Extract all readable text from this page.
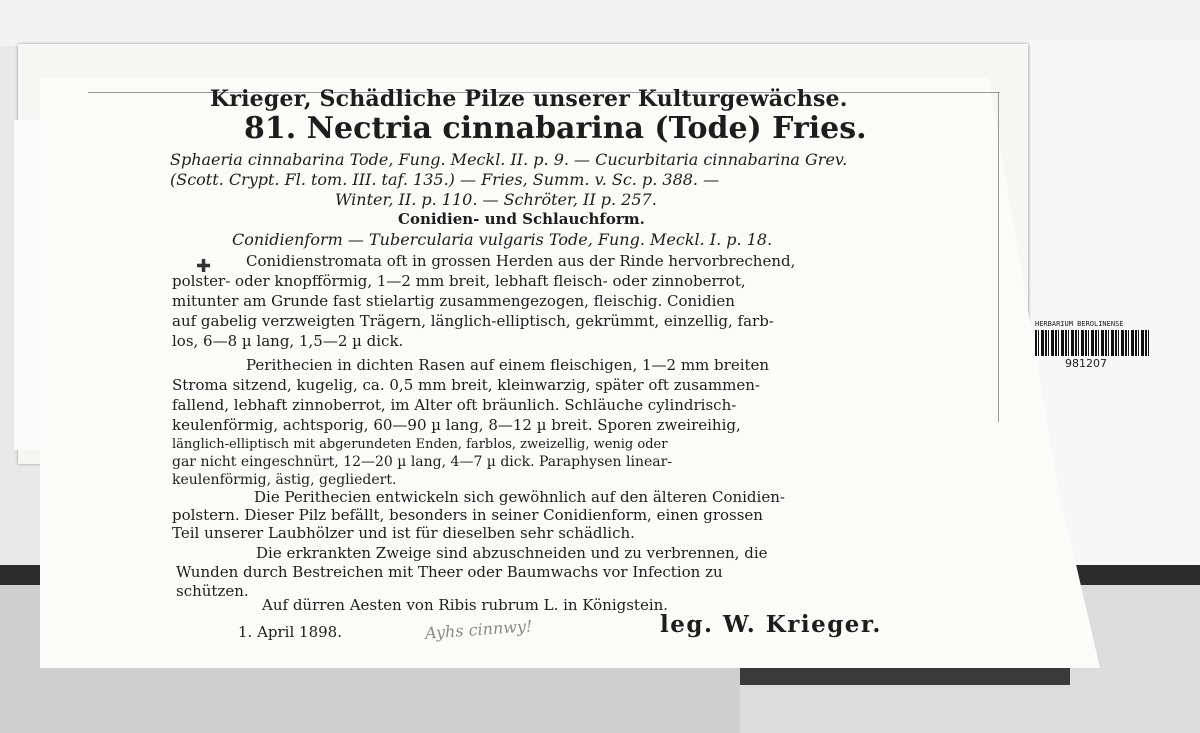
Krieger, Schädliche Pilze unserer Kulturgewächse.
81. Nectria cinnabarina (Tode) Fries.
Sphaeria cinnabarina Tode, Fung. Meckl. II. p. 9. — Cucurbitaria cinnabarina Grev.
(Scott. Crypt. Fl. tom. III. taf. 135.) — Fries, Summ. v. Sc. p. 388. —
Winter, II. p. 110. — Schröter, II p. 257.
Conidien- und Schlauchform.
Conidienform — Tubercularia vulgaris Tode, Fung. Meckl. I. p. 18.
✚ Conidienstromata oft in grossen Herden aus der Rinde hervorbrechend,
polster- oder knopfförmig, 1—2 mm breit, lebhaft fleisch- oder zinnoberrot,
mitunter am Grunde fast stielartig zusammengezogen, fleischig. Conidien
auf gabelig verzweigten Trägern, länglich-elliptisch, gekrümmt, einzellig, farb-
los, 6—8 µ lang, 1,5—2 µ dick.
Perithecien in dichten Rasen auf einem fleischigen, 1—2 mm breiten
Stroma sitzend, kugelig, ca. 0,5 mm breit, kleinwarzig, später oft zusammen-
fallend, lebhaft zinnoberrot, im Alter oft bräunlich. Schläuche cylindrisch-
keulenförmig, achtsporig, 60—90 µ lang, 8—12 µ breit. Sporen zweireihig,
länglich-elliptisch mit abgerundeten Enden, farblos, zweizellig, wenig oder
gar nicht eingeschnürt, 12—20 µ lang, 4—7 µ dick. Paraphysen linear-
keulenförmig, ästig, gegliedert.
Die Perithecien entwickeln sich gewöhnlich auf den älteren Conidien-
polstern. Dieser Pilz befällt, besonders in seiner Conidienform, einen grossen
Teil unserer Laubhölzer und ist für dieselben sehr schädlich.
Die erkrankten Zweige sind abzuschneiden und zu verbrennen, die
Wunden durch Bestreichen mit Theer oder Baumwachs vor Infection zu
schützen.
Auf dürren Aesten von Ribis rubrum L. in Königstein.
1. April 1898.	Ayhs cinnwy!	leg. W. Krieger.
HERBARIUM BEROLINENSE
981207
